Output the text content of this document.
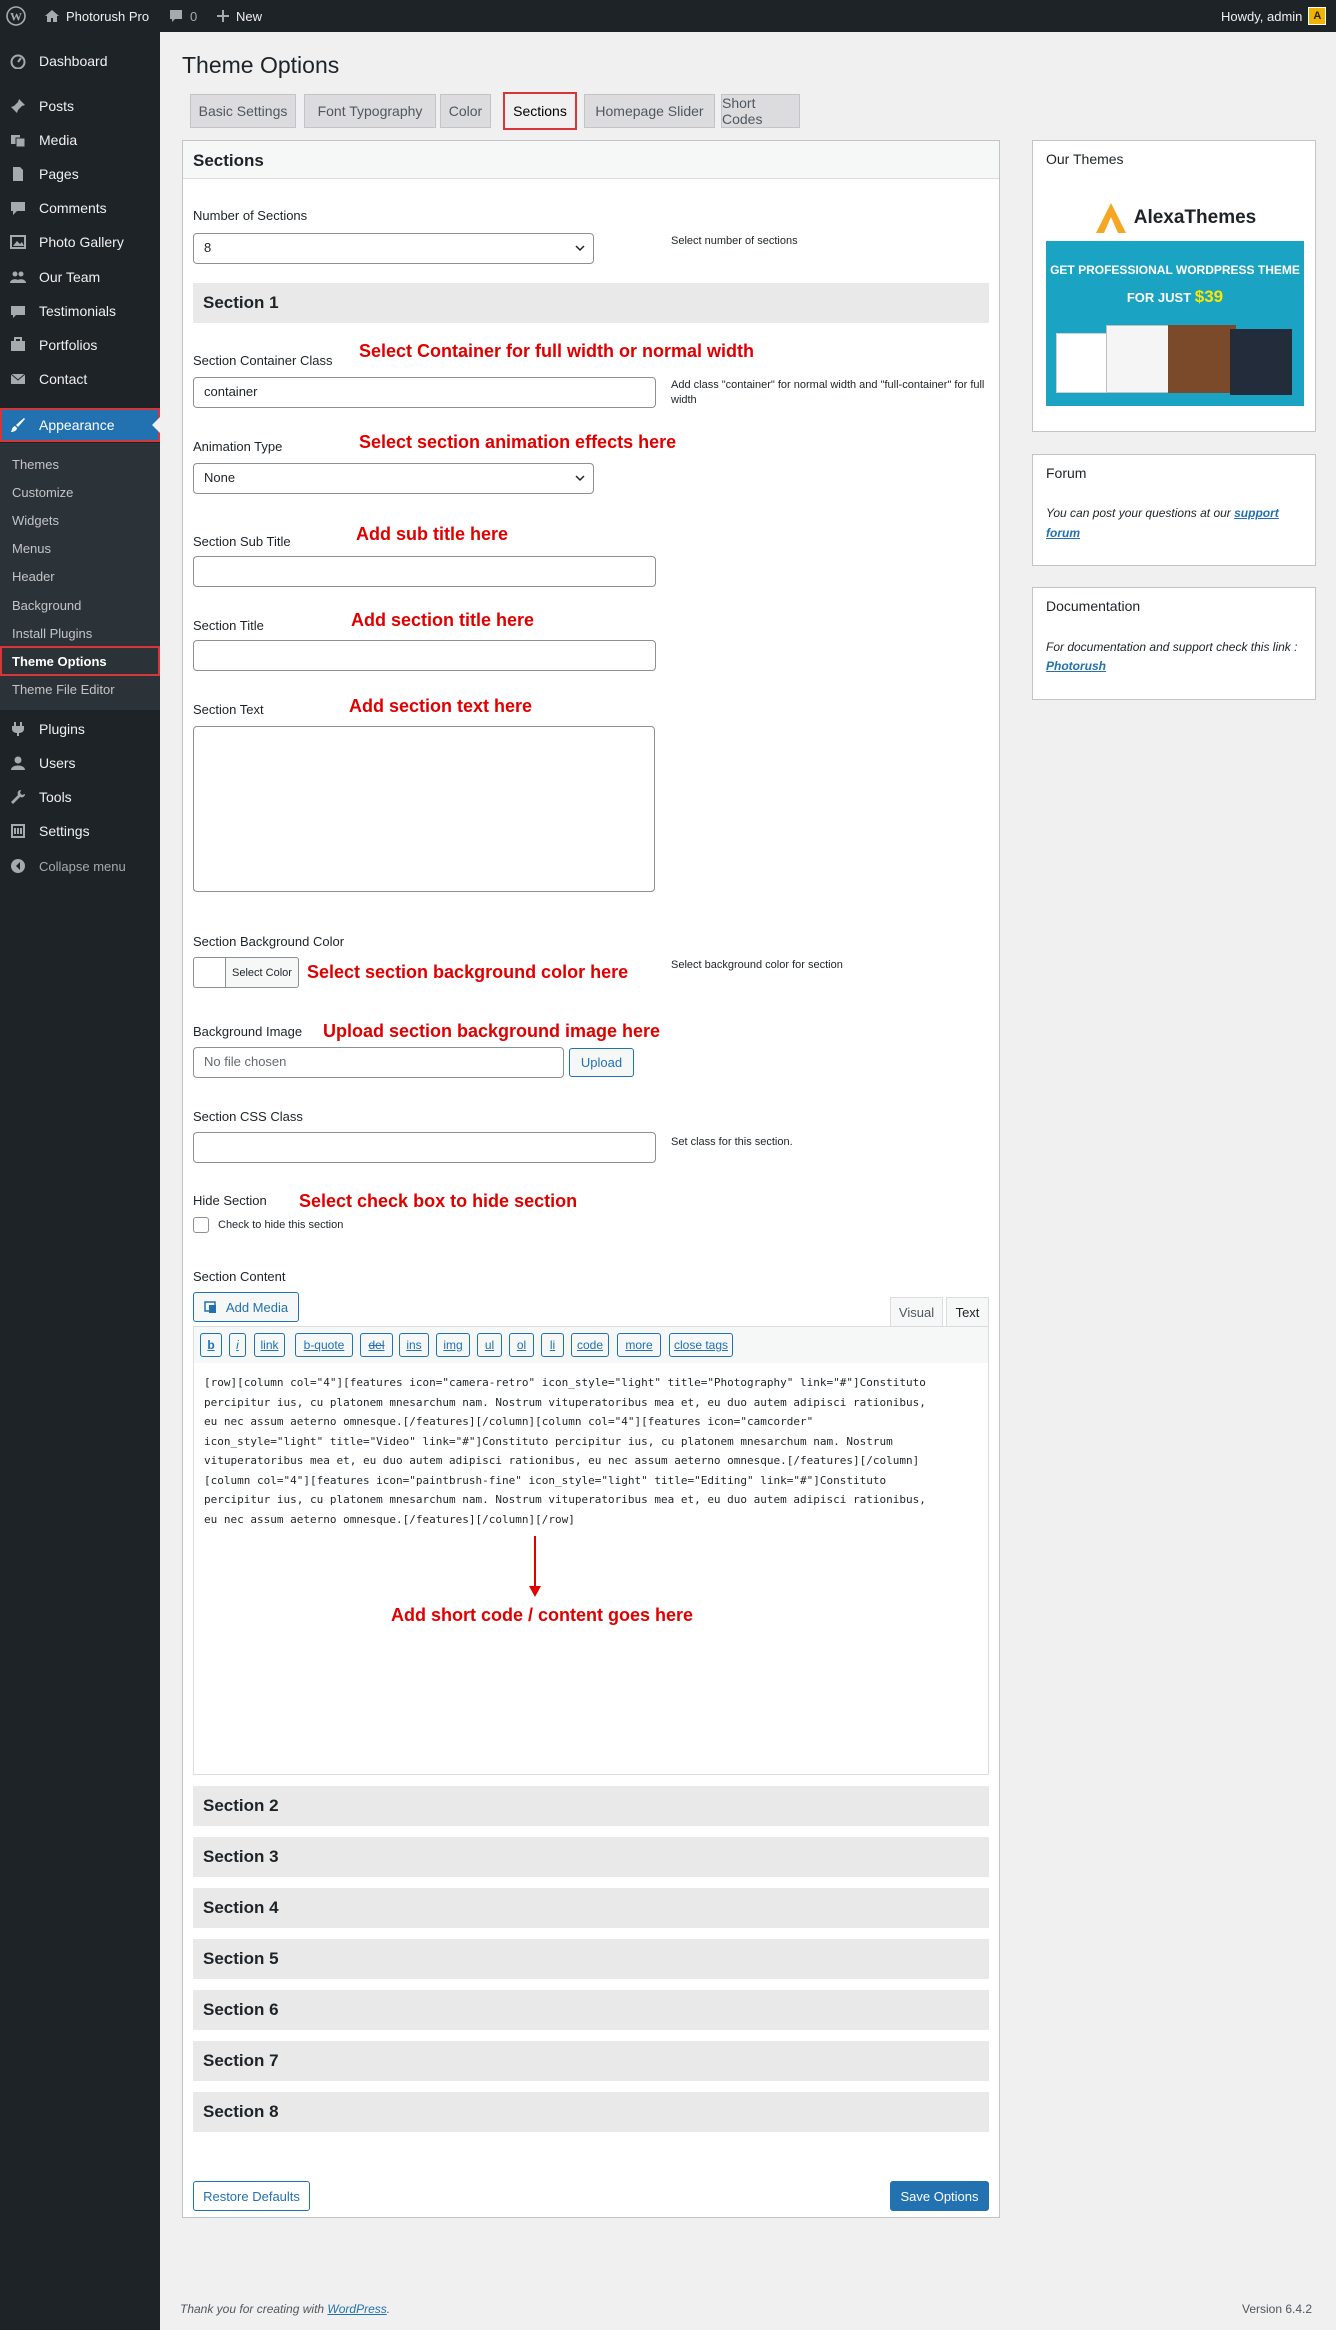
W	Photorush Pro	0	New	Howdy, admin	A
Dashboard
Posts
Media
Pages
Comments
Photo Gallery
Our Team
Testimonials
Portfolios
Contact
Appearance
Plugins
Users
Tools
Settings
Collapse menu
Themes
Customize
Widgets
Menus
Header
Background
Install Plugins
Theme Options
Theme File Editor
Theme Options
Basic Settings	Font Typography	Color	Sections	Homepage Slider	Short Codes
Sections
Number of Sections
8	Select number of sections
Section 1
Section Container Class Select Container for full width or normal width
container	Add class "container" for normal width and "full-container" for full width
Animation Type	Select section animation effects here
None
Section Sub Title	Add sub title here
Section Title	Add section title here
Section Text	Add section text here
Section Background Color
Select Color Select section background color here	Select background color for section
Background Image Upload section background image here
No file chosen	Upload
Section CSS Class
Set class for this section.
Hide Section Select check box to hide section
Check to hide this section
Section Content
Add Media	Visual	Text
b	i	link	b-quote	del	ins	img	ul	ol	li	code	more	close tags
[row][column col="4"][features icon="camera-retro" icon_style="light" title="Photography" link="#"]Constituto
percipitur ius, cu platonem mnesarchum nam. Nostrum vituperatoribus mea et, eu duo autem adipisci rationibus,
eu nec assum aeterno omnesque.[/features][/column][column col="4"][features icon="camcorder"
icon_style="light" title="Video" link="#"]Constituto percipitur ius, cu platonem mnesarchum nam. Nostrum
vituperatoribus mea et, eu duo autem adipisci rationibus, eu nec assum aeterno omnesque.[/features][/column]
[column col="4"][features icon="paintbrush-fine" icon_style="light" title="Editing" link="#"]Constituto
percipitur ius, cu platonem mnesarchum nam. Nostrum vituperatoribus mea et, eu duo autem adipisci rationibus,
eu nec assum aeterno omnesque.[/features][/column][/row]
Add short code / content goes here
Section 2
Section 3
Section 4
Section 5
Section 6
Section 7
Section 8
Restore Defaults	Save Options
Our Themes
AlexaThemes
GET PROFESSIONAL WORDPRESS THEME
FOR JUST $39
Forum
You can post your questions at our support forum
Documentation
For documentation and support check this link : Photorush
Thank you for creating with WordPress.	Version 6.4.2
